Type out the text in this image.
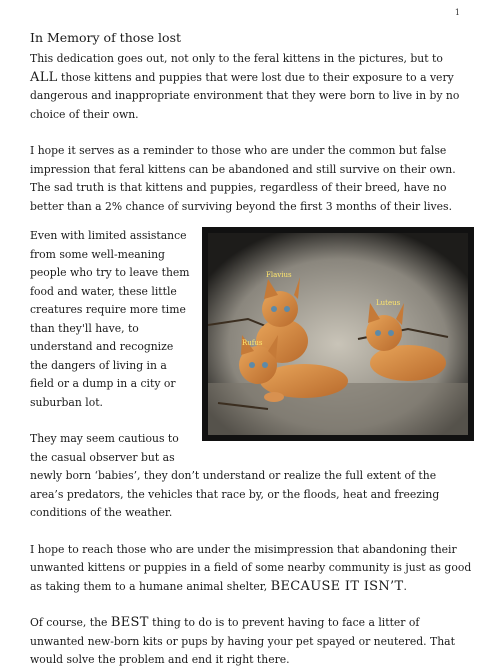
1
In Memory of those lost

This dedication goes out, not only to the feral kittens in the pictures, but to ALL those kittens and puppies that were lost due to their exposure to a very dangerous and inappropriate environment that they were born to live in by no choice of their own.

I hope it serves as a reminder to those who are under the common but false impression that feral kittens can be abandoned and still survive on their own. The sad truth is that kittens and puppies, regardless of their breed, have no better than a 2% chance of surviving beyond the first 3 months of their lives.

Flavius
Luteus
Rufus

Even with limited assistance from some well-meaning people who try to leave them food and water, these little creatures require more time than they'll have, to understand and recognize the dangers of living in a field or a dump in a city or suburban lot.

They may seem cautious to the casual observer but as newly born ‘babies’, they don’t understand or realize the full extent of the area’s predators, the vehicles that race by, or the floods, heat and freezing conditions of the weather.

I hope to reach those who are under the misimpression that abandoning their unwanted kittens or puppies in a field of some nearby community is just as good as taking them to a humane animal shelter, BECAUSE IT ISN’T.

Of course, the BEST thing to do is to prevent having to face a litter of unwanted new-born kits or pups by having your pet spayed or neutered. That would solve the problem and end it right there.
